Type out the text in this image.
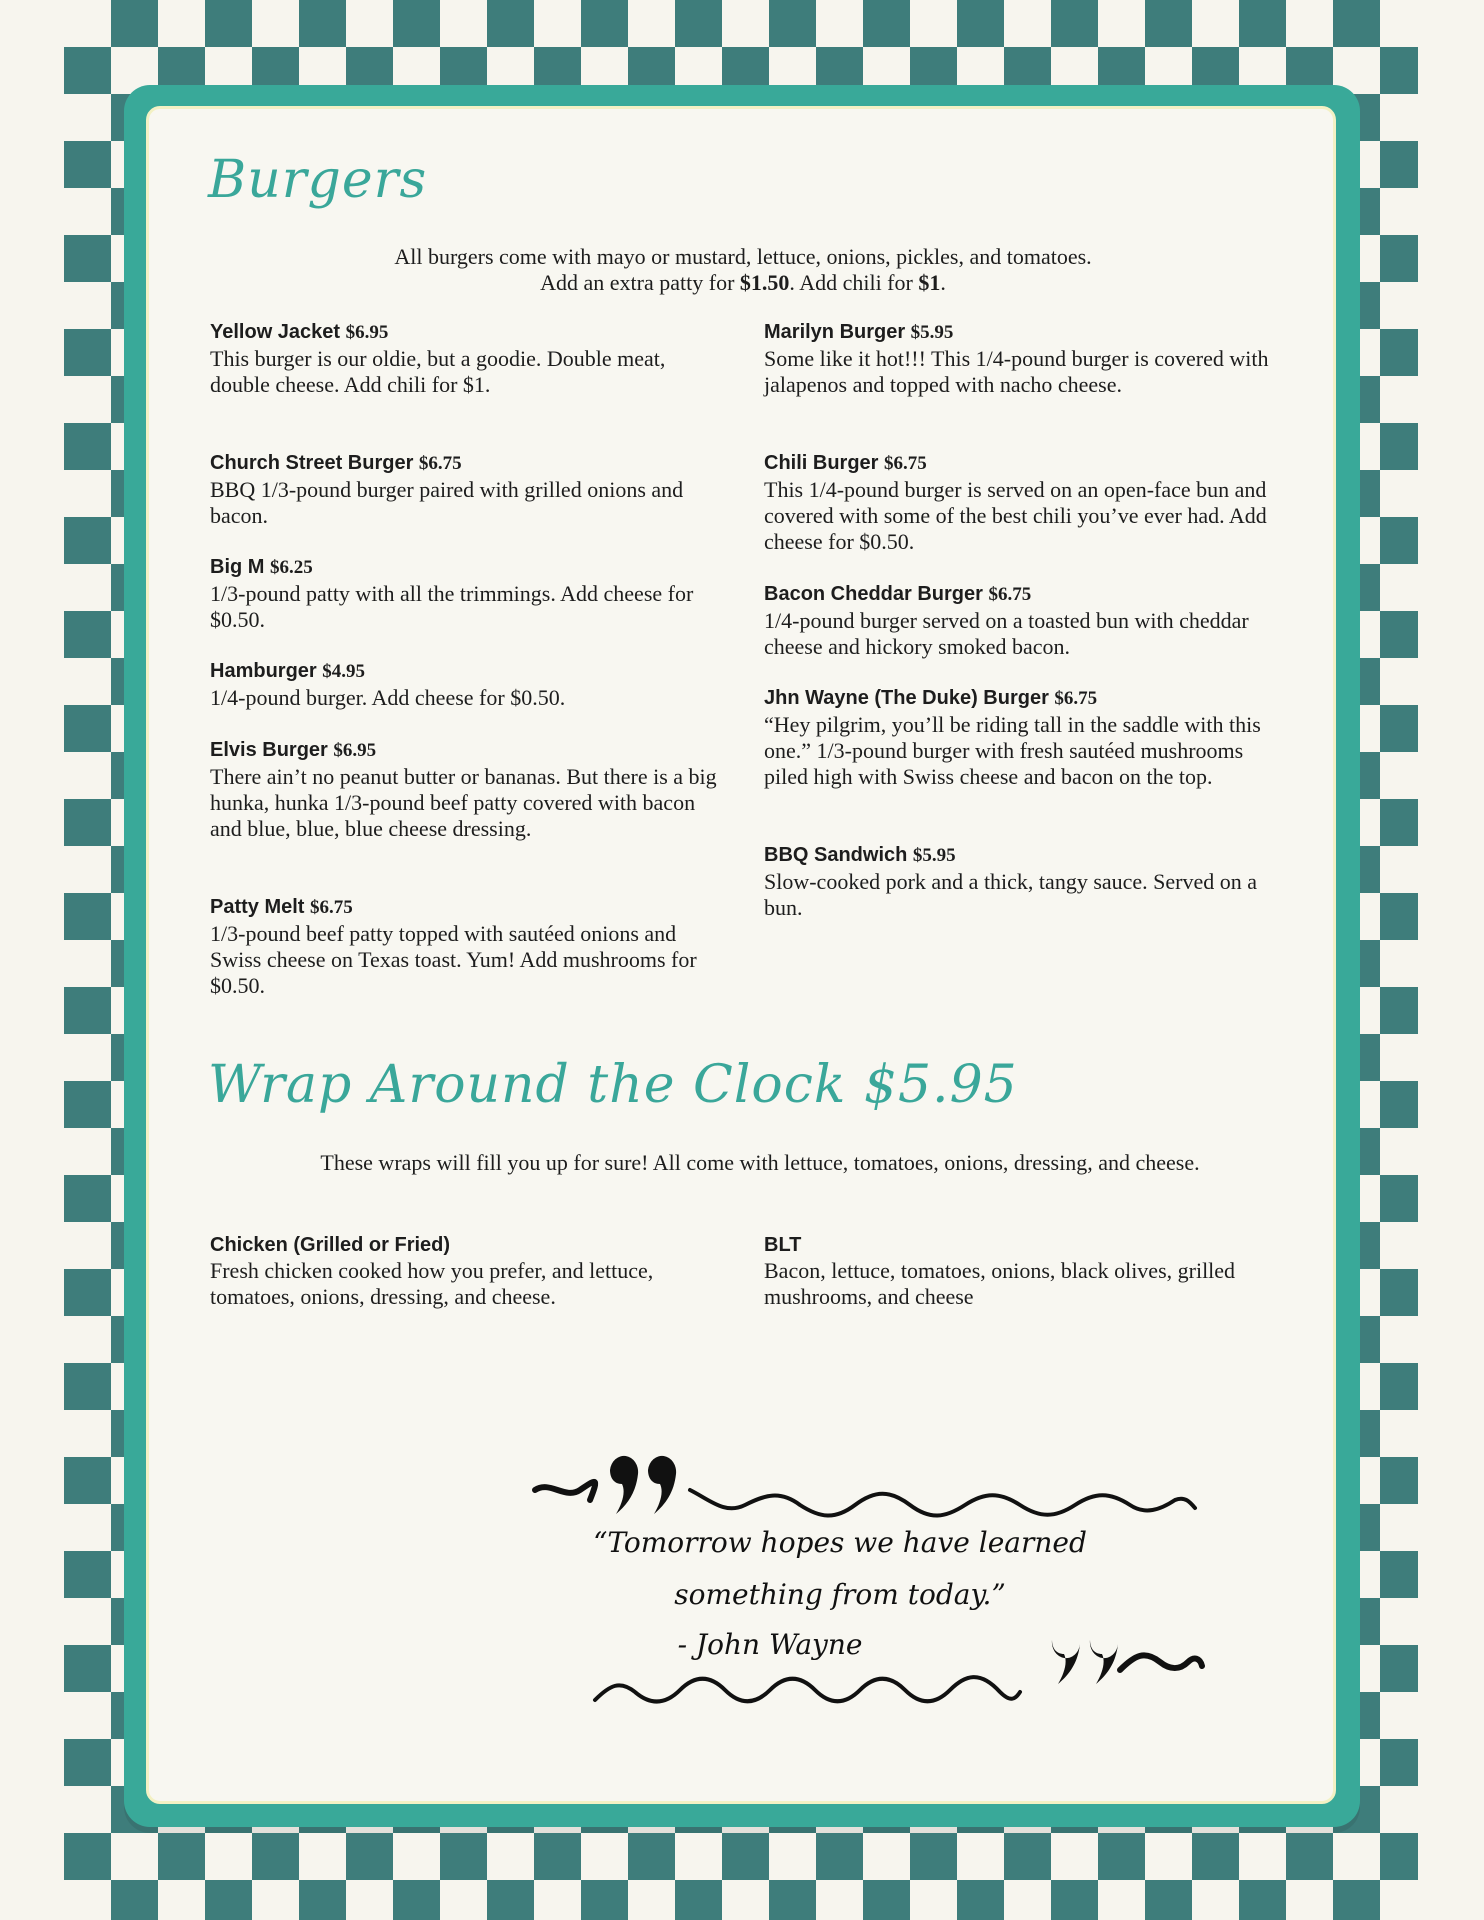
Burgers
All burgers come with mayo or mustard, lettuce, onions, pickles, and tomatoes.
Add an extra patty for $1.50. Add chili for $1.
Yellow Jacket $6.95
This burger is our oldie, but a goodie. Double meat, double cheese. Add chili for $1.
Church Street Burger $6.75
BBQ 1/3-pound burger paired with grilled onions and bacon.
Big M $6.25
1/3-pound patty with all the trimmings. Add cheese for $0.50.
Hamburger $4.95
1/4-pound burger. Add cheese for $0.50.
Elvis Burger $6.95
There ain’t no peanut butter or bananas. But there is a big hunka, hunka 1/3-pound beef patty covered with bacon and blue, blue, blue cheese dressing.
Patty Melt $6.75
1/3-pound beef patty topped with sautéed onions and Swiss cheese on Texas toast. Yum! Add mushrooms for $0.50.
Marilyn Burger $5.95
Some like it hot!!! This 1/4-pound burger is covered with jalapenos and topped with nacho cheese.
Chili Burger $6.75
This 1/4-pound burger is served on an open-face bun and covered with some of the best chili you’ve ever had. Add cheese for $0.50.
Bacon Cheddar Burger $6.75
1/4-pound burger served on a toasted bun with cheddar cheese and hickory smoked bacon.
Jhn Wayne (The Duke) Burger $6.75
“Hey pilgrim, you’ll be riding tall in the saddle with this one.” 1/3-pound burger with fresh sautéed mushrooms piled high with Swiss cheese and bacon on the top.
BBQ Sandwich $5.95
Slow-cooked pork and a thick, tangy sauce. Served on a bun.
Wrap Around the Clock $5.95
These wraps will fill you up for sure! All come with lettuce, tomatoes, onions, dressing, and cheese.
Chicken (Grilled or Fried)
Fresh chicken cooked how you prefer, and lettuce, tomatoes, onions, dressing, and cheese.
BLT
Bacon, lettuce, tomatoes, onions, black olives, grilled mushrooms, and cheese
“Tomorrow hopes we have learned
something from today.”
- John Wayne
